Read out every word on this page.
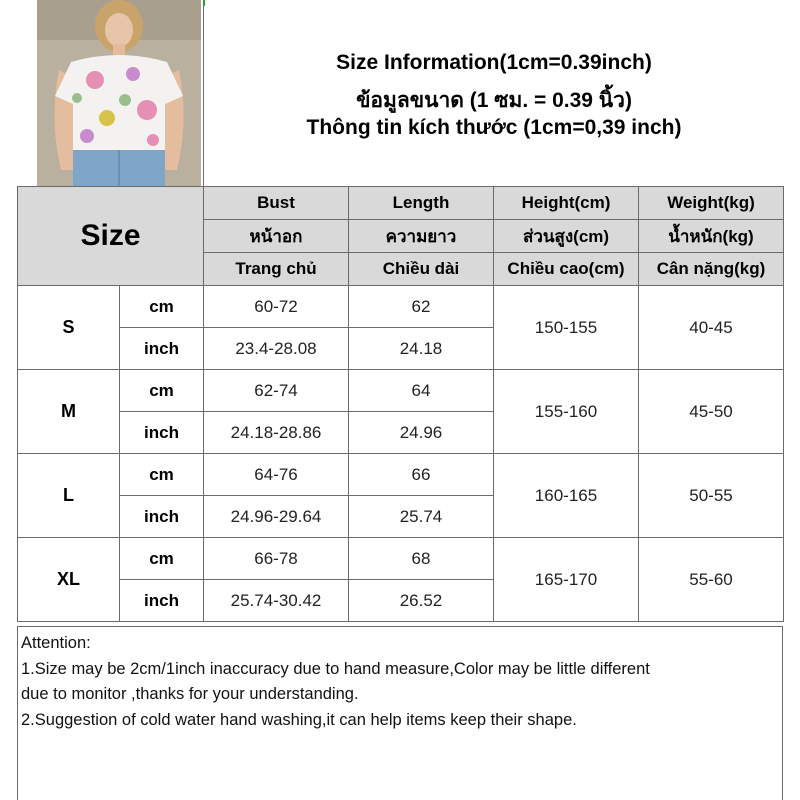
Size Information(1cm=0.39inch)
ข้อมูลขนาด (1 ซม. = 0.39 นิ้ว)
Thông tin kích thước (1cm=0,39 inch)
Size		Bust	Length	Height(cm)	Weight(kg)
		หน้าอก	ความยาว	ส่วนสูง(cm)	น้ำหนัก(kg)
		Trang chủ	Chiều dài	Chiều cao(cm)	Cân nặng(kg)
S	cm	60-72	62	150-155	40-45
	inch	23.4-28.08	24.18		
M	cm	62-74	64	155-160	45-50
	inch	24.18-28.86	24.96		
L	cm	64-76	66	160-165	50-55
	inch	24.96-29.64	25.74		
XL	cm	66-78	68	165-170	55-60
	inch	25.74-30.42	26.52		
Attention:
1.Size may be 2cm/1inch inaccuracy due to hand measure,Color may be little different
due to monitor ,thanks for your understanding.
2.Suggestion of cold water hand washing,it can help items keep their shape.
